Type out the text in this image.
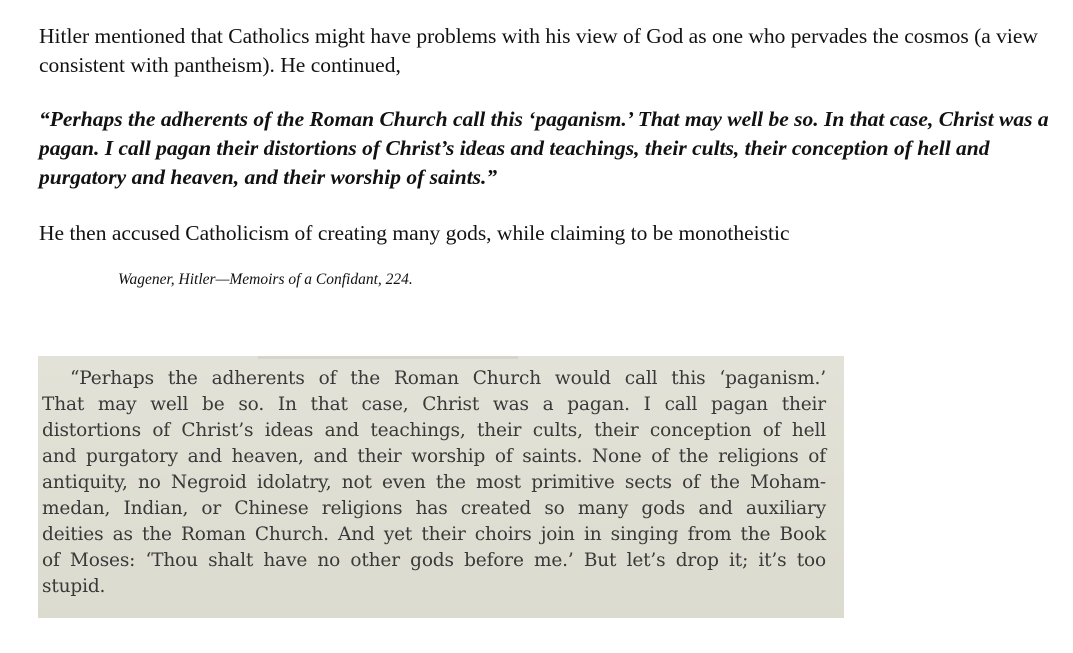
Hitler mentioned that Catholics might have problems with his view of God as one who pervades the cosmos (a view consistent with pantheism). He continued,

“Perhaps the adherents of the Roman Church call this ‘paganism.’ That may well be so. In that case, Christ was a pagan. I call pagan their distortions of Christ’s ideas and teachings, their cults, their conception of hell and purgatory and heaven, and their worship of saints.”

He then accused Catholicism of creating many gods, while claiming to be monotheistic

Wagener, Hitler—Memoirs of a Confidant, 224.

“Perhaps the adherents of the Roman Church would call this ‘paganism.’
That may well be so. In that case, Christ was a pagan. I call pagan their
distortions of Christ’s ideas and teachings, their cults, their conception of hell
and purgatory and heaven, and their worship of saints. None of the religions of
antiquity, no Negroid idolatry, not even the most primitive sects of the Moham-
medan, Indian, or Chinese religions has created so many gods and auxiliary
deities as the Roman Church. And yet their choirs join in singing from the Book
of Moses: ‘Thou shalt have no other gods before me.’ But let’s drop it; it’s too
stupid.
